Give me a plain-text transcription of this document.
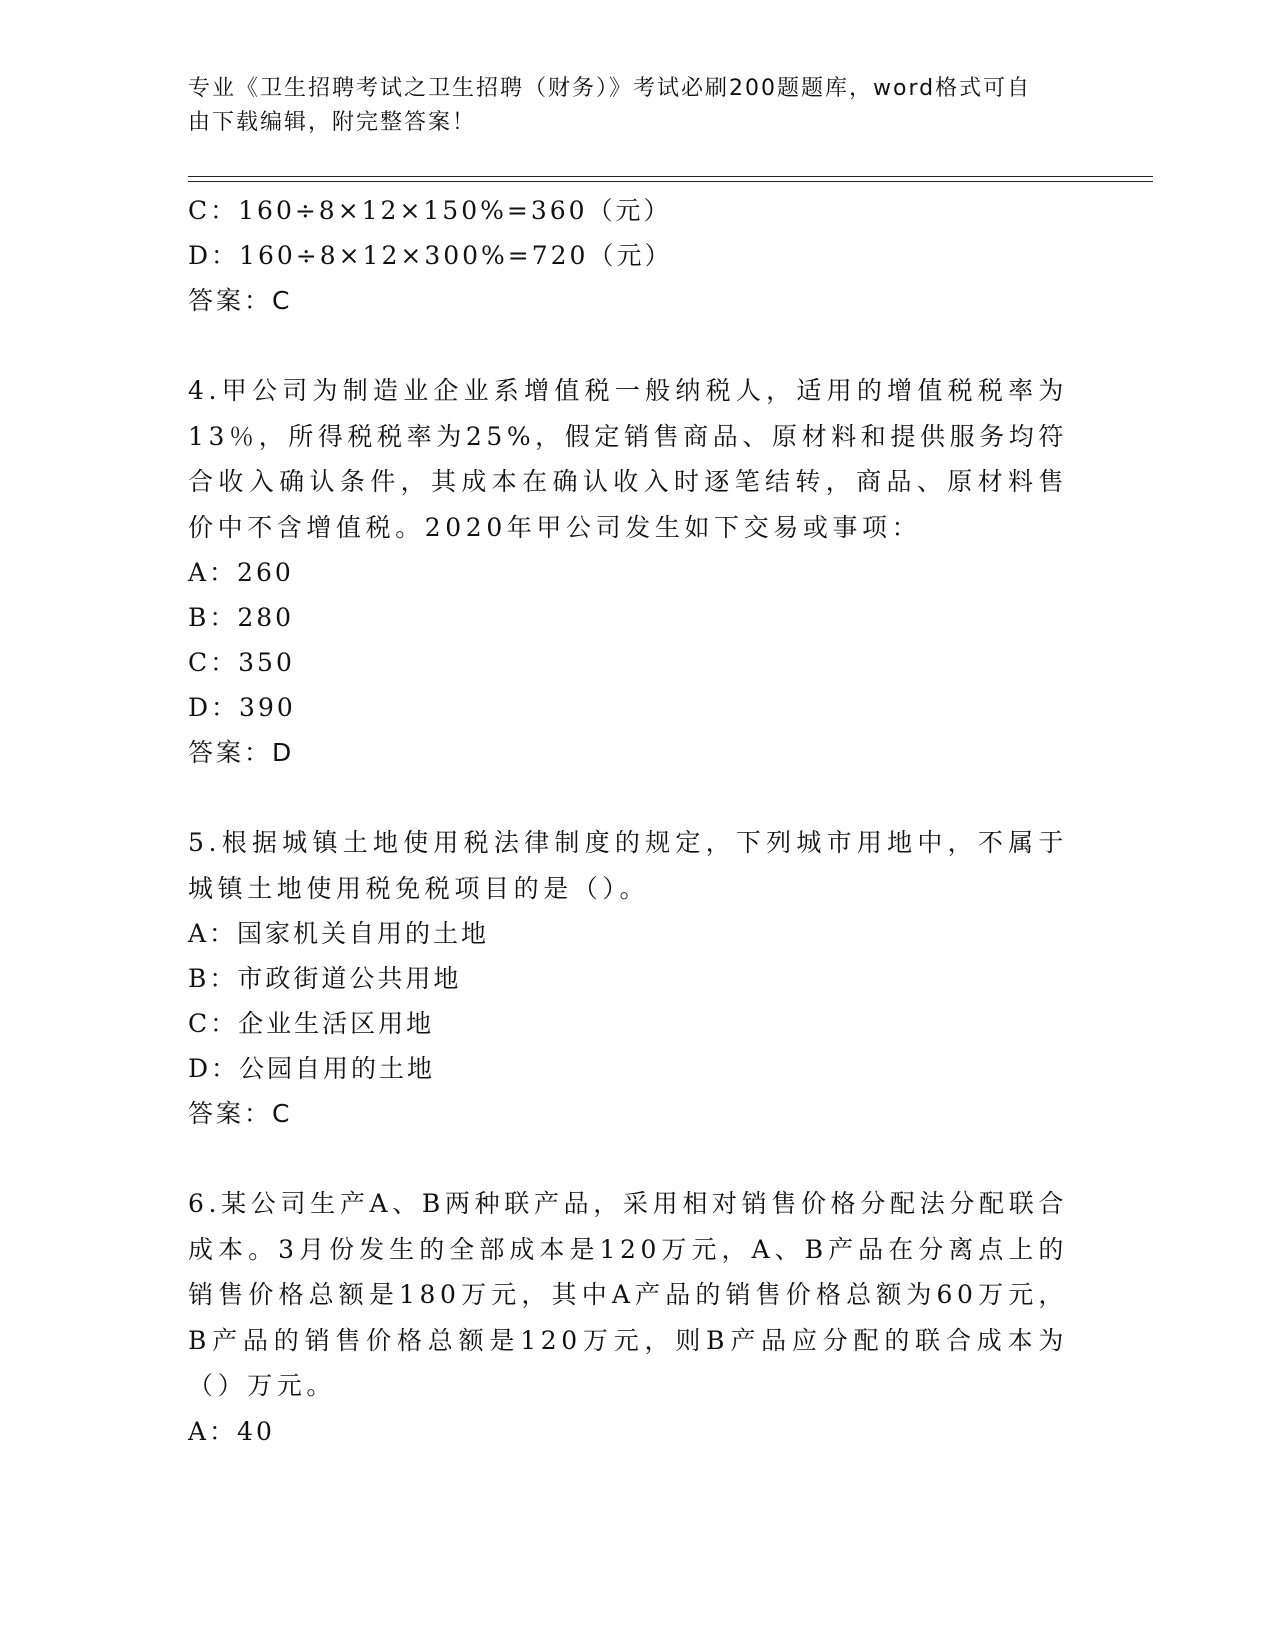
专业《卫生招聘考试之卫生招聘（财务）》考试必刷200题题库，word格式可自
由下载编辑，附完整答案！
C：160÷8×12×150%=360（元）
D：160÷8×12×300%=720（元）
答案：C
4.甲公司为制造业企业系增值税一般纳税人，适用的增值税税率为13％，所得税税率为25%，假定销售商品、原材料和提供服务均符合收入确认条件，其成本在确认收入时逐笔结转，商品、原材料售价中不含增值税。2020年甲公司发生如下交易或事项：
A：260
B：280
C：350
D：390
答案：D
5.根据城镇土地使用税法律制度的规定，下列城市用地中，不属于城镇土地使用税免税项目的是（）。
A：国家机关自用的土地
B：市政街道公共用地
C：企业生活区用地
D：公园自用的土地
答案：C
6.某公司生产A、B两种联产品，采用相对销售价格分配法分配联合成本。3月份发生的全部成本是120万元，A、B产品在分离点上的销售价格总额是180万元，其中A产品的销售价格总额为60万元，B产品的销售价格总额是120万元，则B产品应分配的联合成本为（）万元。
A：40
